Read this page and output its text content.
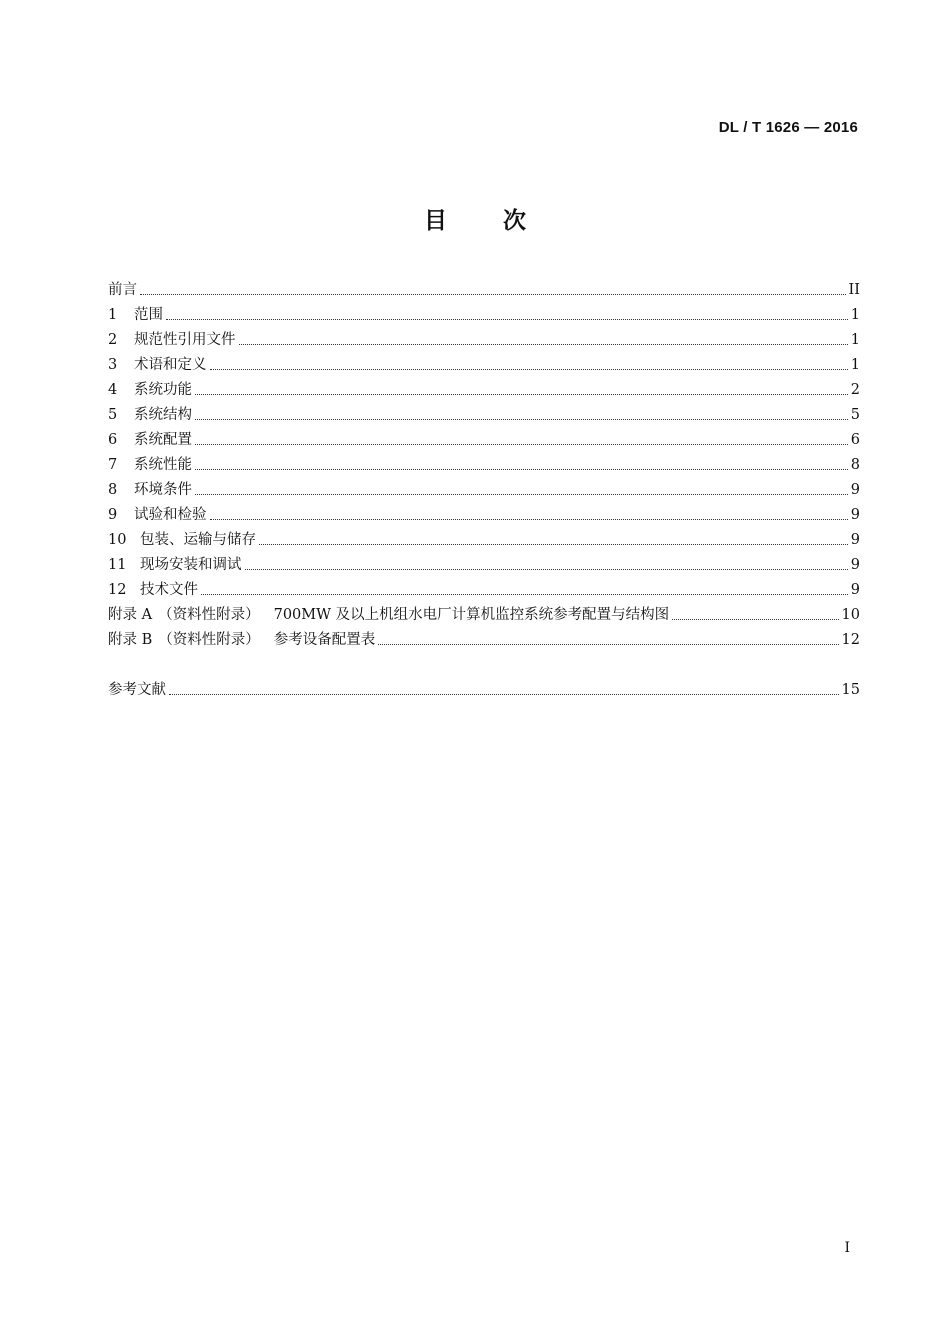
DL / T 1626 — 2016
目 次
前言	II
1	范围	1
2	规范性引用文件	1
3	术语和定义	1
4	系统功能	2
5	系统结构	5
6	系统配置	6
7	系统性能	8
8	环境条件	9
9	试验和检验	9
10 包装、运输与储存	9
11 现场安装和调试	9
12 技术文件	9
附录 A （资料性附录） 700MW 及以上机组水电厂计算机监控系统参考配置与结构图	10
附录 B （资料性附录） 参考设备配置表	12
参考文献	15
I
